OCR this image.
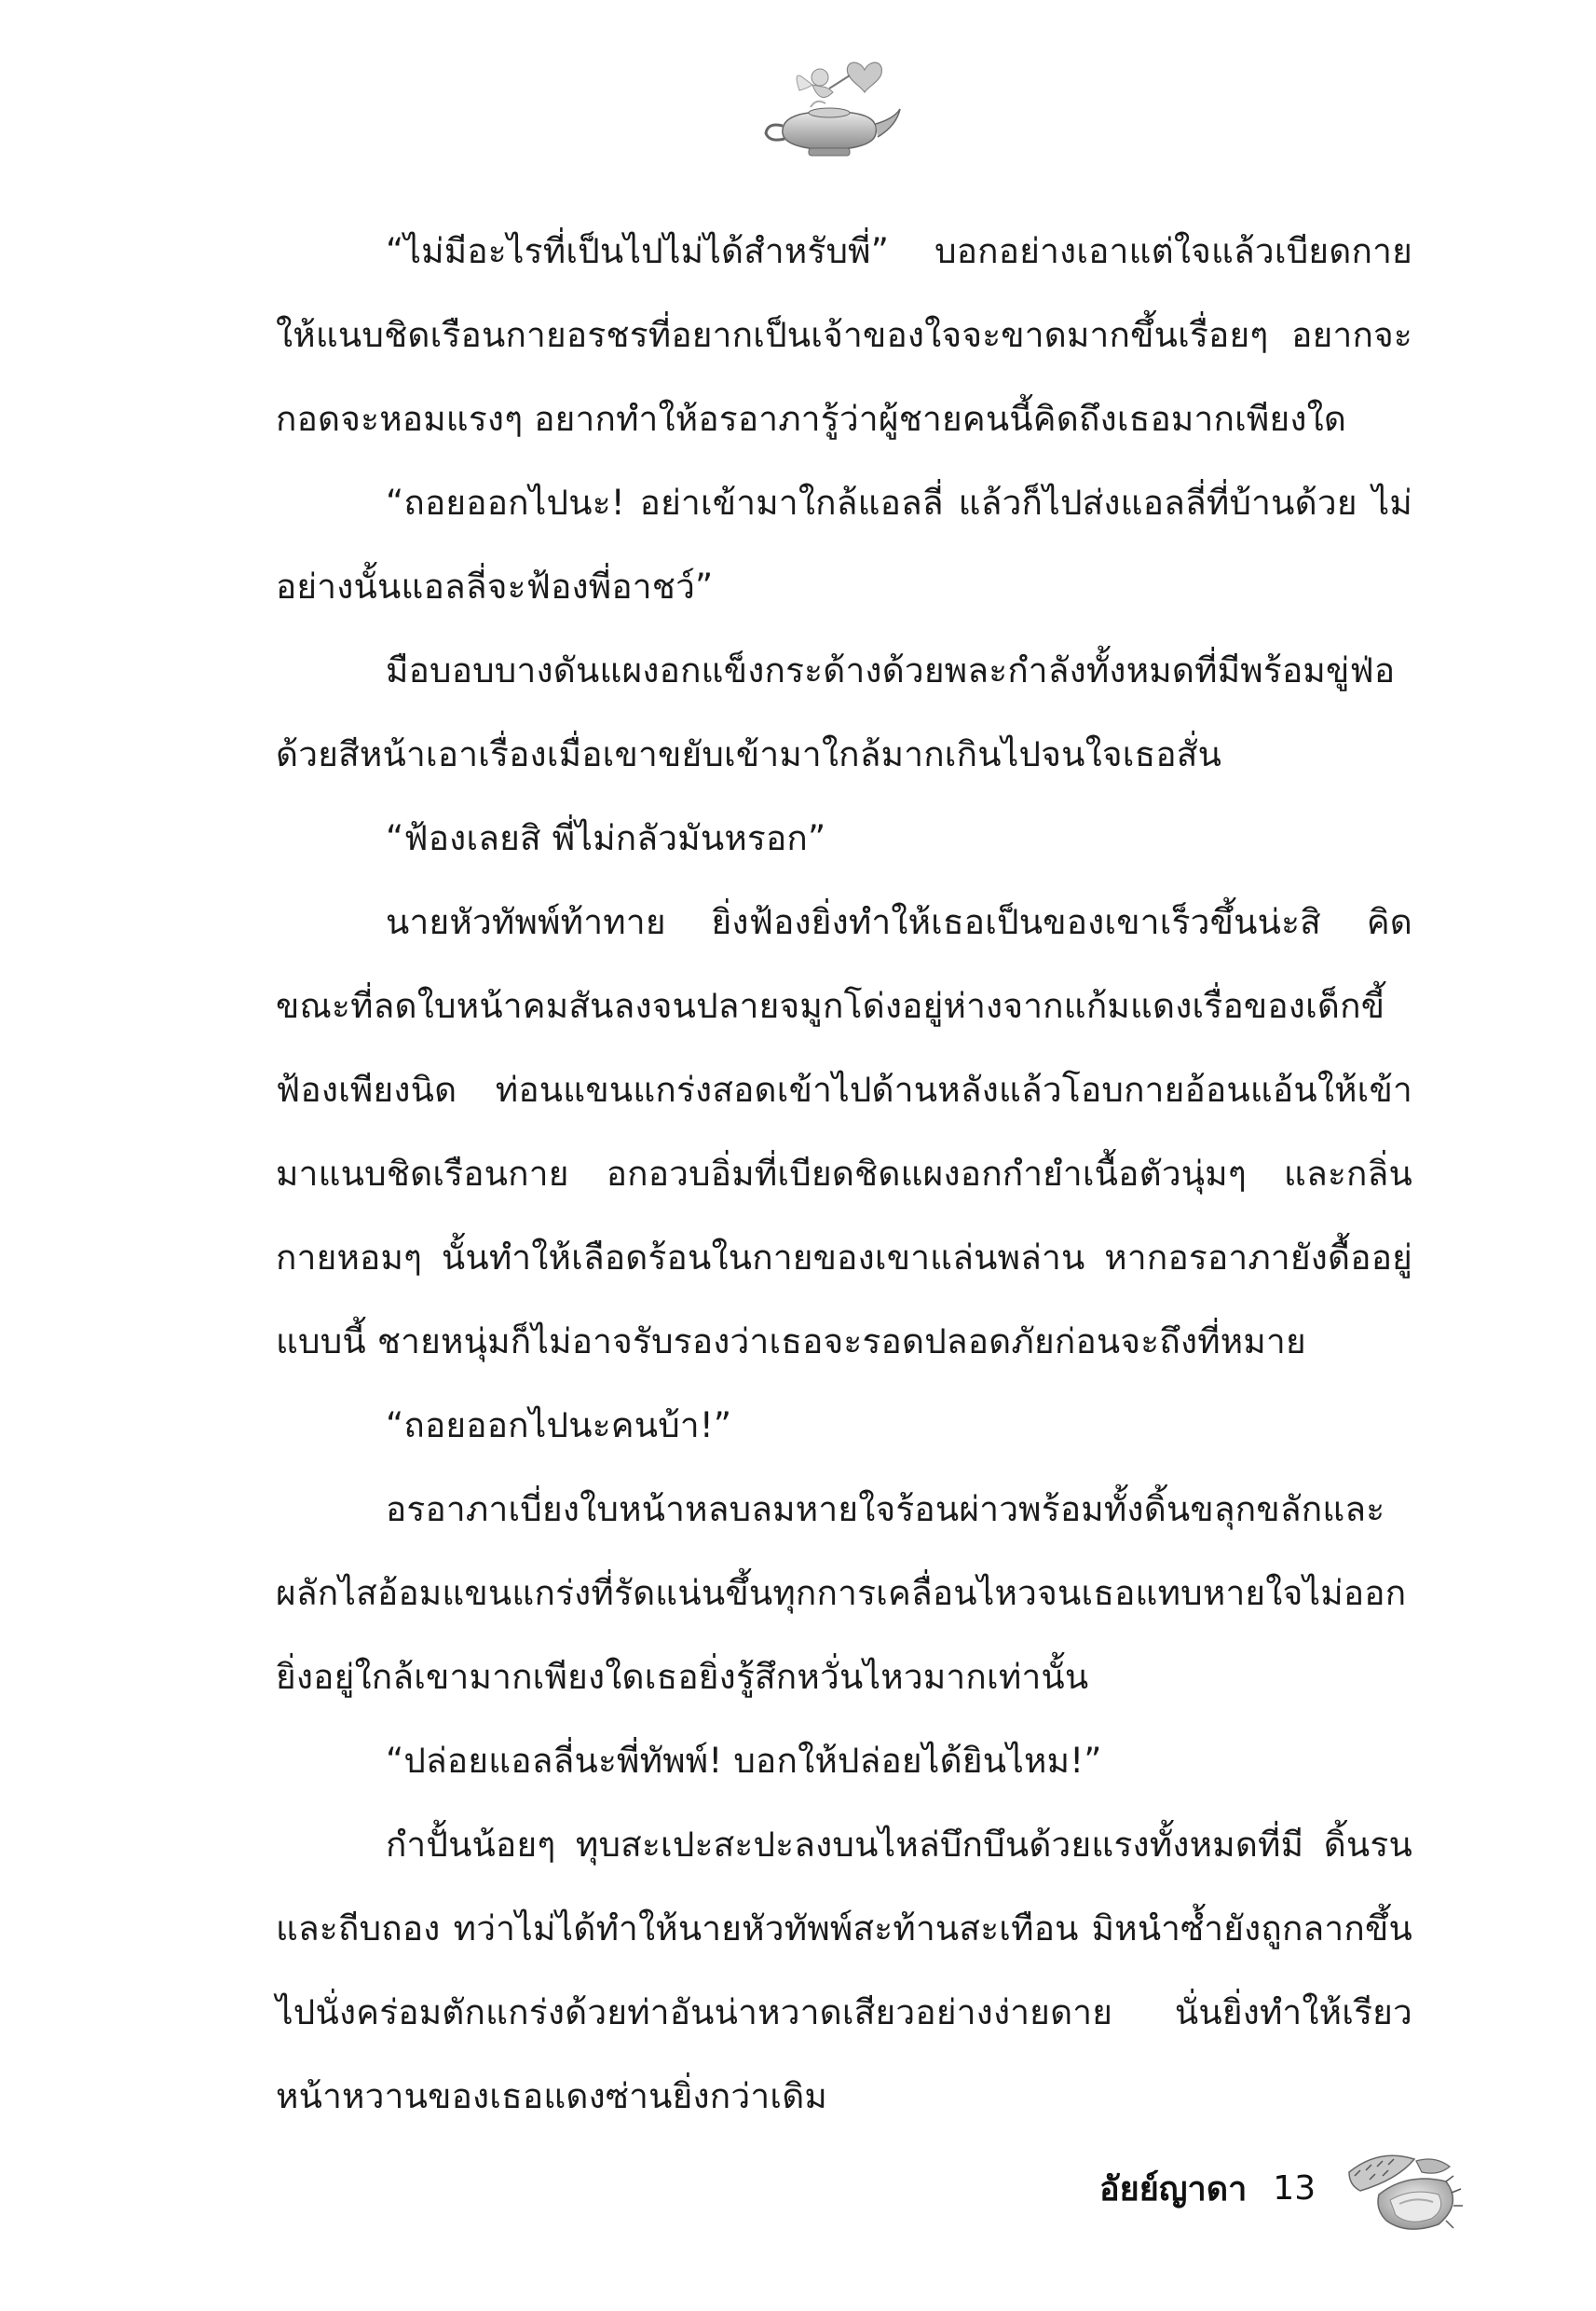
“ไม่มีอะไรที่เป็นไปไม่ได้สำหรับพี่” บอกอย่างเอาแต่ใจแล้วเบียดกายให้แนบชิดเรือนกายอรชรที่อยากเป็นเจ้าของใจจะขาดมากขึ้นเรื่อยๆ อยากจะกอดจะหอมแรงๆ อยากทำให้อรอาภารู้ว่าผู้ชายคนนี้คิดถึงเธอมากเพียงใด

“ถอยออกไปนะ! อย่าเข้ามาใกล้แอลลี่ แล้วก็ไปส่งแอลลี่ที่บ้านด้วย ไม่อย่างนั้นแอลลี่จะฟ้องพี่อาชว์”

มือบอบบางดันแผงอกแข็งกระด้างด้วยพละกำลังทั้งหมดที่มีพร้อมขู่ฟ่อด้วยสีหน้าเอาเรื่องเมื่อเขาขยับเข้ามาใกล้มากเกินไปจนใจเธอสั่น

“ฟ้องเลยสิ พี่ไม่กลัวมันหรอก”

นายหัวทัพพ์ท้าทาย ยิ่งฟ้องยิ่งทำให้เธอเป็นของเขาเร็วขึ้นน่ะสิ คิดขณะที่ลดใบหน้าคมสันลงจนปลายจมูกโด่งอยู่ห่างจากแก้มแดงเรื่อของเด็กขี้ฟ้องเพียงนิด ท่อนแขนแกร่งสอดเข้าไปด้านหลังแล้วโอบกายอ้อนแอ้นให้เข้ามาแนบชิดเรือนกาย อกอวบอิ่มที่เบียดชิดแผงอกกำยำเนื้อตัวนุ่มๆ และกลิ่นกายหอมๆ นั้นทำให้เลือดร้อนในกายของเขาแล่นพล่าน หากอรอาภายังดื้ออยู่แบบนี้ ชายหนุ่มก็ไม่อาจรับรองว่าเธอจะรอดปลอดภัยก่อนจะถึงที่หมาย

“ถอยออกไปนะคนบ้า!”

อรอาภาเบี่ยงใบหน้าหลบลมหายใจร้อนผ่าวพร้อมทั้งดิ้นขลุกขลักและผลักไสอ้อมแขนแกร่งที่รัดแน่นขึ้นทุกการเคลื่อนไหวจนเธอแทบหายใจไม่ออก ยิ่งอยู่ใกล้เขามากเพียงใดเธอยิ่งรู้สึกหวั่นไหวมากเท่านั้น

“ปล่อยแอลลี่นะพี่ทัพพ์! บอกให้ปล่อยได้ยินไหม!”

กำปั้นน้อยๆ ทุบสะเปะสะปะลงบนไหล่บึกบึนด้วยแรงทั้งหมดที่มี ดิ้นรนและถีบถอง ทว่าไม่ได้ทำให้นายหัวทัพพ์สะท้านสะเทือน มิหนำซ้ำยังถูกลากขึ้นไปนั่งคร่อมตักแกร่งด้วยท่าอันน่าหวาดเสียวอย่างง่ายดาย นั่นยิ่งทำให้เรียวหน้าหวานของเธอแดงซ่านยิ่งกว่าเดิม

อัยย์ญาดา 13
